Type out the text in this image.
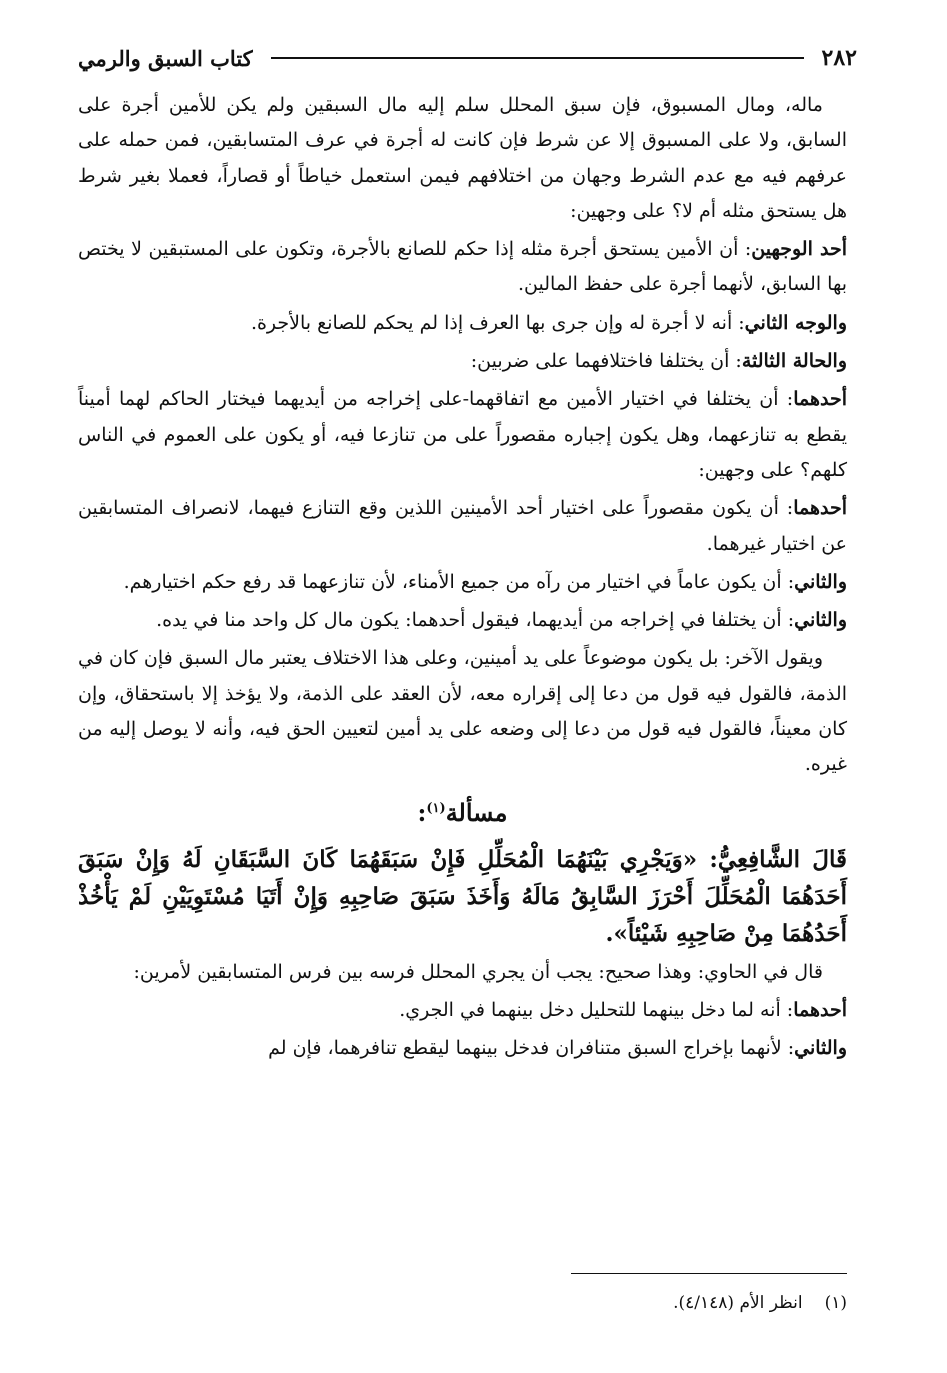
٢٨٢
كتاب السبق والرمي

ماله، ومال المسبوق، فإن سبق المحلل سلم إليه مال السبقين ولم يكن للأمين أجرة على السابق، ولا على المسبوق إلا عن شرط فإن كانت له أجرة في عرف المتسابقين، فمن حمله على عرفهم فيه مع عدم الشرط وجهان من اختلافهم فيمن استعمل خياطاً أو قصاراً، فعملا بغير شرط هل يستحق مثله أم لا؟ على وجهين:

أحد الوجهين: أن الأمين يستحق أجرة مثله إذا حكم للصانع بالأجرة، وتكون على المستبقين لا يختص بها السابق، لأنهما أجرة على حفظ المالين.

والوجه الثاني: أنه لا أجرة له وإن جرى بها العرف إذا لم يحكم للصانع بالأجرة.

والحالة الثالثة: أن يختلفا فاختلافهما على ضربين:

أحدهما: أن يختلفا في اختيار الأمين مع اتفاقهما-على إخراجه من أيديهما فيختار الحاكم لهما أميناً يقطع به تنازعهما، وهل يكون إجباره مقصوراً على من تنازعا فيه، أو يكون على العموم في الناس كلهم؟ على وجهين:

أحدهما: أن يكون مقصوراً على اختيار أحد الأمينين اللذين وقع التنازع فيهما، لانصراف المتسابقين عن اختيار غيرهما.

والثاني: أن يكون عاماً في اختيار من رآه من جميع الأمناء، لأن تنازعهما قد رفع حكم اختيارهم.

والثاني: أن يختلفا في إخراجه من أيديهما، فيقول أحدهما: يكون مال كل واحد منا في يده.

ويقول الآخر: بل يكون موضوعاً على يد أمينين، وعلى هذا الاختلاف يعتبر مال السبق فإن كان في الذمة، فالقول فيه قول من دعا إلى إقراره معه، لأن العقد على الذمة، ولا يؤخذ إلا باستحقاق، وإن كان معيناً، فالقول فيه قول من دعا إلى وضعه على يد أمين لتعيين الحق فيه، وأنه لا يوصل إليه من غيره.

مسألة$^{(١)}$:

قَالَ الشَّافِعِيُّ: «وَيَجْرِي بَيْنَهُمَا الْمُحَلِّلِ فَإِنْ سَبَقَهُمَا كَانَ السَّبَقَانِ لَهُ وَإِنْ سَبَقَ أَحَدَهُمَا الْمُحَلِّلَ أَحْرَزَ السَّابِقُ مَالَهُ وَأَخَذَ سَبَقَ صَاحِبِهِ وَإِنْ أَتَيَا مُسْتَوِيَيْنِ لَمْ يَأْخُذْ أَحَدُهُمَا مِنْ صَاحِبِهِ شَيْئاً».

قال في الحاوي: وهذا صحيح: يجب أن يجري المحلل فرسه بين فرس المتسابقين لأمرين:

أحدهما: أنه لما دخل بينهما للتحليل دخل بينهما في الجري.

والثاني: لأنهما بإخراج السبق متنافران فدخل بينهما ليقطع تنافرهما، فإن لم

(١)انظر الأم (٤/١٤٨).
